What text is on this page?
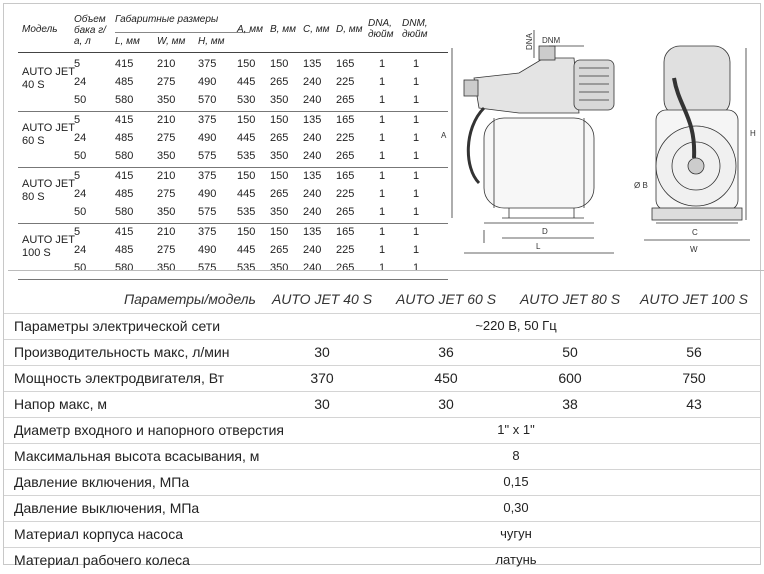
Модель
Объем бака г/а, л
Габаритные размеры
L, мм W, мм H, мм
A, мм B, мм C, мм D, мм
DNA, дюйм
DNM, дюйм
AUTO JET 40 S
5	415 210 375 150 150 135 165 1	1
24	485 275 490 445 265 240 225 1	1
50	580 350 570 530 350 240 265 1	1
AUTO JET 60 S
5	415 210 375 150 150 135 165 1	1
24	485 275 490 445 265 240 225 1	1
50	580 350 575 535 350 240 265 1	1
AUTO JET 80 S
5	415 210 375 150 150 135 165 1	1
24	485 275 490 445 265 240 225 1	1
50	580 350 575 535 350 240 265 1	1
AUTO JET 100 S
5	415 210 375 150 150 135 165 1	1
24	485 275 490 445 265 240 225 1	1
50	580 350 575 535 350 240 265 1	1
DNA DNM
A
D
L
Ø B
C
W
H
Параметры/модель	AUTO JET 40 S	AUTO JET 60 S	AUTO JET 80 S	AUTO JET 100 S
Параметры электрической сети	~220 В, 50 Гц
Производительность макс, л/мин	30	36	50	56
Мощность электродвигателя, Вт	370	450	600	750
Напор макс, м	30	30	38	43
Диаметр входного и напорного отверстия	1" x 1"
Максимальная высота всасывания, м	8
Давление включения, МПа	0,15
Давление выключения, МПа	0,30
Материал корпуса насоса	чугун
Материал рабочего колеса	латунь
